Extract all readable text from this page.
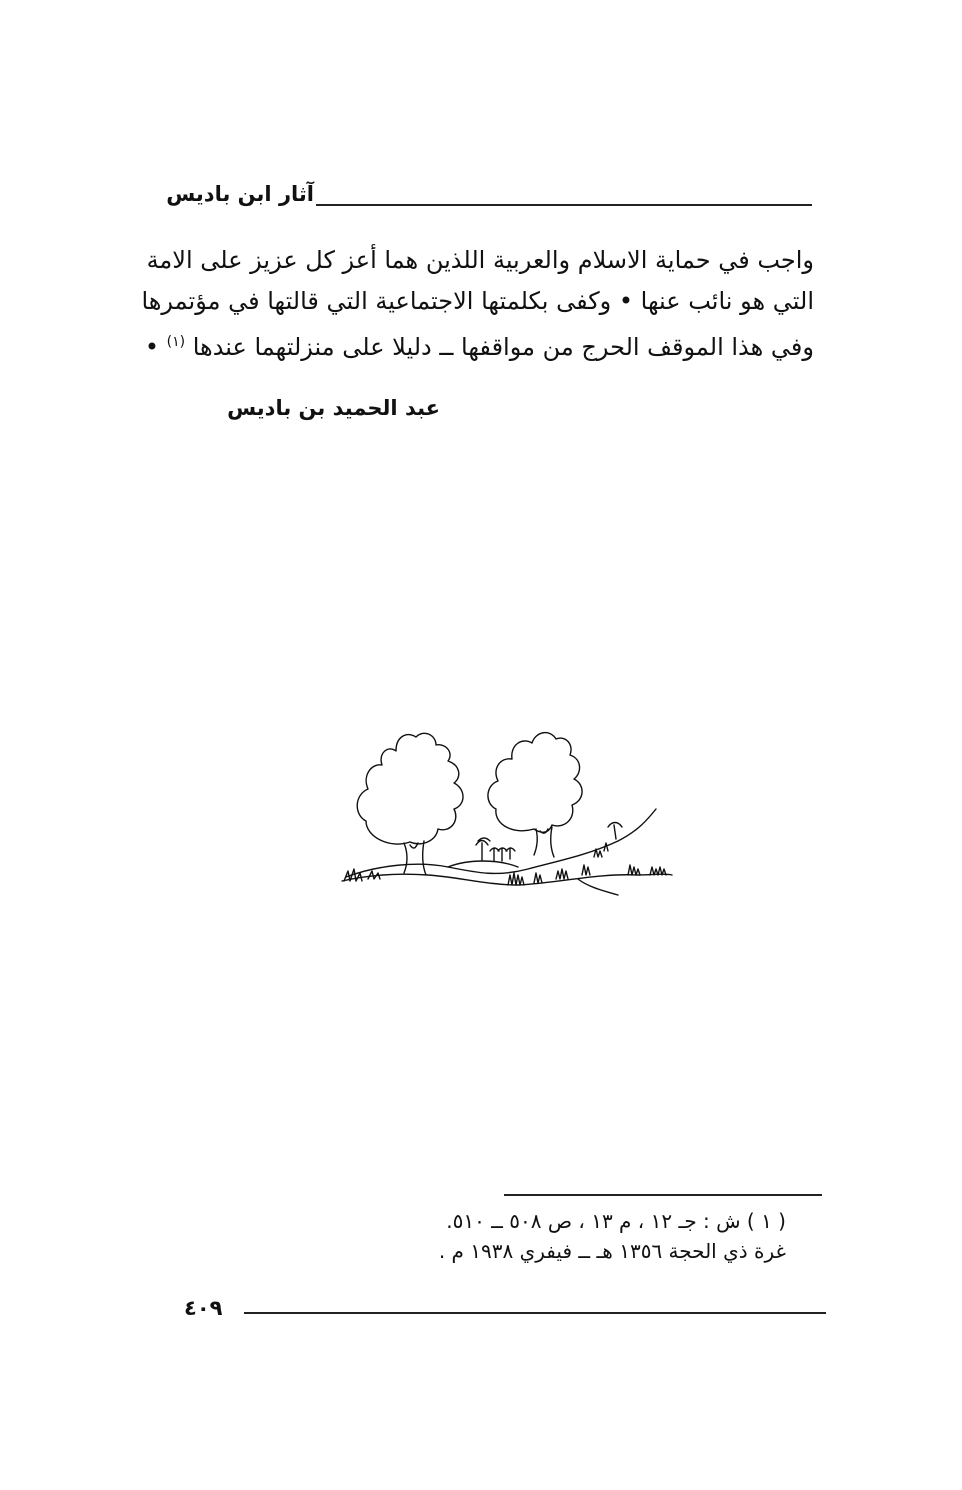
آثار ابن باديس
واجب في حماية الاسلام والعربية اللذين هما أعز كل عزيز على الامة
التي هو نائب عنها • وكفى بكلمتها الاجتماعية التي قالتها في مؤتمرها
وفي هذا الموقف الحرج من مواقفها ــ دليلا على منزلتهما عندها $^{(١)}$ •
عبد الحميد بن باديس
( ١ ) ش : جـ ١٢ ، م ١٣ ، ص ٥٠٨ ــ ٥١٠.
غرة ذي الحجة ١٣٥٦ هـ ــ فيفري ١٩٣٨ م .
٤٠٩
